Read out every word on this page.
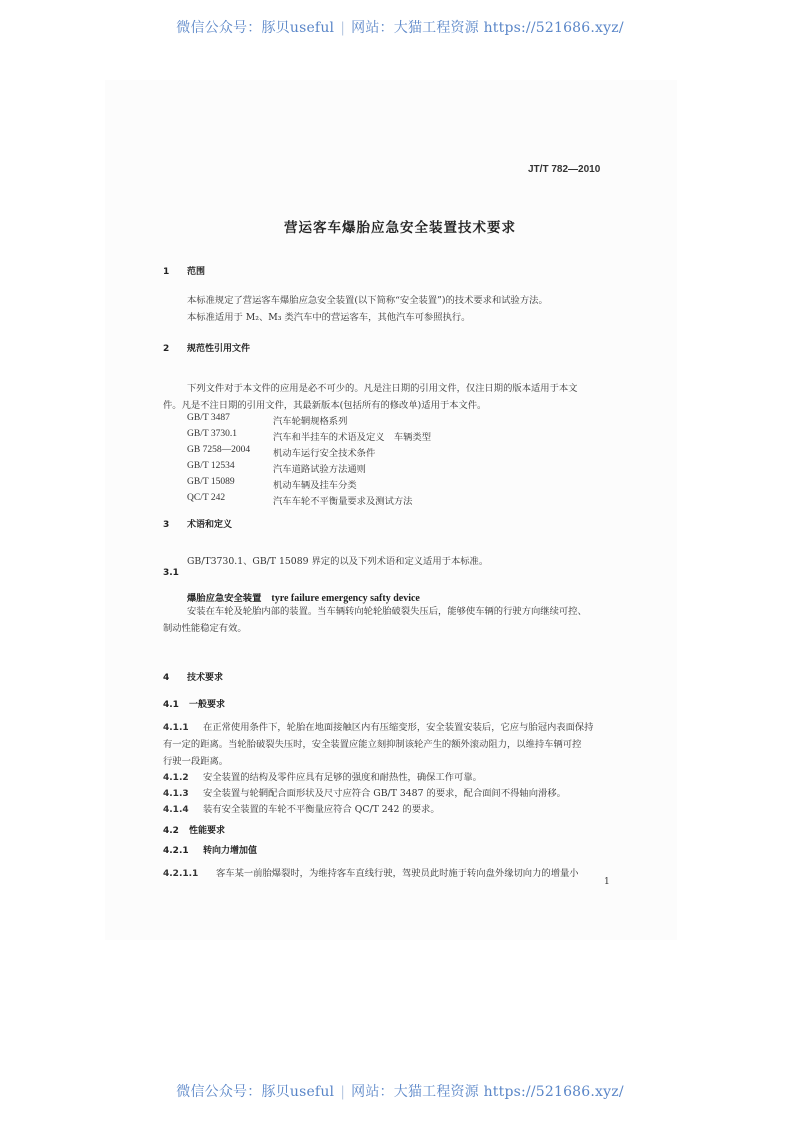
微信公众号：豚贝useful | 网站：大猫工程资源 https://521686.xyz/
JT/T 782—2010
营运客车爆胎应急安全装置技术要求
1 范围
本标准规定了营运客车爆胎应急安全装置(以下简称“安全装置”)的技术要求和试验方法。
本标准适用于 M₂、M₃ 类汽车中的营运客车，其他汽车可参照执行。
2 规范性引用文件
下列文件对于本文件的应用是必不可少的。凡是注日期的引用文件，仅注日期的版本适用于本文
件。凡是不注日期的引用文件，其最新版本(包括所有的修改单)适用于本文件。
GB/T 3487	汽车轮辋规格系列
GB/T 3730.1	汽车和半挂车的术语及定义　车辆类型
GB 7258—2004 机动车运行安全技术条件
GB/T 12534	汽车道路试验方法通则
GB/T 15089	机动车辆及挂车分类
QC/T 242	汽车车轮不平衡量要求及测试方法
3 术语和定义
GB/T3730.1、GB/T 15089 界定的以及下列术语和定义适用于本标准。
3.1
爆胎应急安全装置 tyre failure emergency safty device
安装在车轮及轮胎内部的装置。当车辆转向轮轮胎破裂失压后，能够使车辆的行驶方向继续可控、
制动性能稳定有效。
4 技术要求
4.1 一般要求
4.1.1 在正常使用条件下，轮胎在地面接触区内有压缩变形，安全装置安装后，它应与胎冠内表面保持
有一定的距离。当轮胎破裂失压时，安全装置应能立刻抑制该轮产生的额外滚动阻力，以维持车辆可控
行驶一段距离。
4.1.2 安全装置的结构及零件应具有足够的强度和耐热性，确保工作可靠。
4.1.3 安全装置与轮辋配合面形状及尺寸应符合 GB/T 3487 的要求，配合面间不得轴向滑移。
4.1.4 装有安全装置的车轮不平衡量应符合 QC/T 242 的要求。
4.2 性能要求
4.2.1 转向力增加值
4.2.1.1 客车某一前胎爆裂时，为维持客车直线行驶，驾驶员此时施于转向盘外缘切向力的增量小
1
微信公众号：豚贝useful | 网站：大猫工程资源 https://521686.xyz/
